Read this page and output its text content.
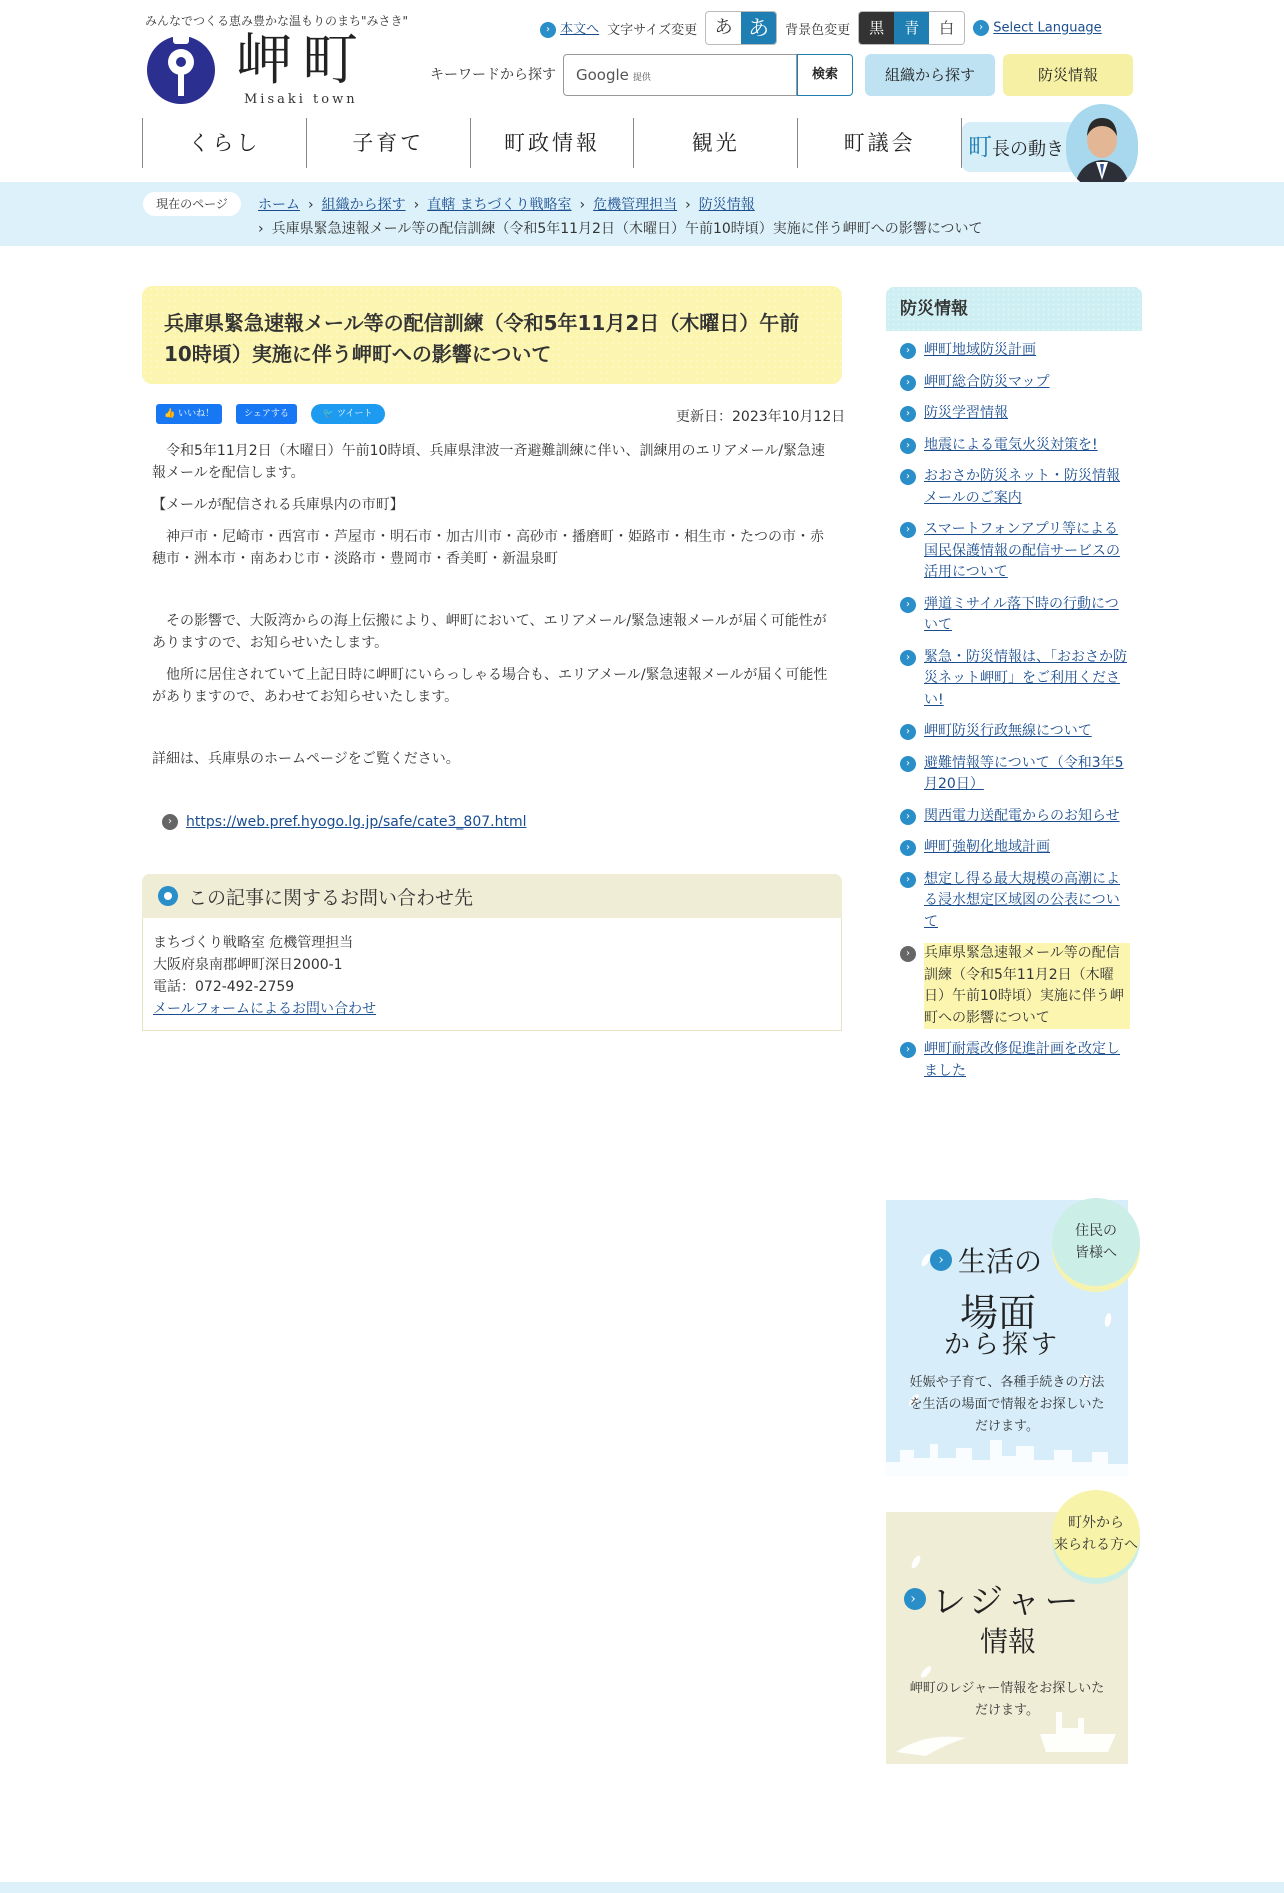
みんなでつくる恵み豊かな温もりのまち"みさき"
岬町
Misaki town
› 本文へ 文字サイズ変更 あ あ	背景色変更	黒	青	白	› Select Language
キーワードから探す	Google 提供	検索	組織から探す	防災情報
くらし	子育て	町政情報	観光	町議会	町長の動き
現在のページ	ホーム › 組織から探す › 直轄 まちづくり戦略室 › 危機管理担当 › 防災情報
› 兵庫県緊急速報メール等の配信訓練（令和5年11月2日（木曜日）午前10時頃）実施に伴う岬町への影響について
兵庫県緊急速報メール等の配信訓練（令和5年11月2日（木曜日）午前10時頃）実施に伴う岬町への影響について
👍 いいね！	シェアする	🐦 ツイート	更新日：2023年10月12日

令和5年11月2日（木曜日）午前10時頃、兵庫県津波一斉避難訓練に伴い、訓練用のエリアメール/緊急速報メールを配信します。

【メールが配信される兵庫県内の市町】

神戸市・尼崎市・西宮市・芦屋市・明石市・加古川市・高砂市・播磨町・姫路市・相生市・たつの市・赤穂市・洲本市・南あわじ市・淡路市・豊岡市・香美町・新温泉町

その影響で、大阪湾からの海上伝搬により、岬町において、エリアメール/緊急速報メールが届く可能性がありますので、お知らせいたします。

他所に居住されていて上記日時に岬町にいらっしゃる場合も、エリアメール/緊急速報メールが届く可能性がありますので、あわせてお知らせいたします。

詳細は、兵庫県のホームページをご覧ください。

›	https://web.pref.hyogo.lg.jp/safe/cate3_807.html
この記事に関するお問い合わせ先
まちづくり戦略室 危機管理担当
大阪府泉南郡岬町深日2000-1
電話：072-492-2759
メールフォームによるお問い合わせ
防災情報
›	岬町地域防災計画
›	岬町総合防災マップ
›	防災学習情報
›	地震による電気火災対策を!
›	おおさか防災ネット・防災情報メールのご案内
›	スマートフォンアプリ等による国民保護情報の配信サービスの活用について
›	弾道ミサイル落下時の行動について
›	緊急・防災情報は、「おおさか防災ネット岬町」をご利用ください!
›	岬町防災行政無線について
›	避難情報等について（令和3年5月20日）
›	関西電力送配電からのお知らせ
›	岬町強靭化地域計画
›	想定し得る最大規模の高潮による浸水想定区域図の公表について
›	兵庫県緊急速報メール等の配信訓練（令和5年11月2日（木曜日）午前10時頃）実施に伴う岬町への影響について
›	岬町耐震改修促進計画を改定しました
住民の
皆様へ
› 生活の
場面
から探す
妊娠や子育て、各種手続きの方法を生活の場面で情報をお探しいただけます。
町外から
来られる方へ
› レジャー
情報
岬町のレジャー情報をお探しいただけます。
